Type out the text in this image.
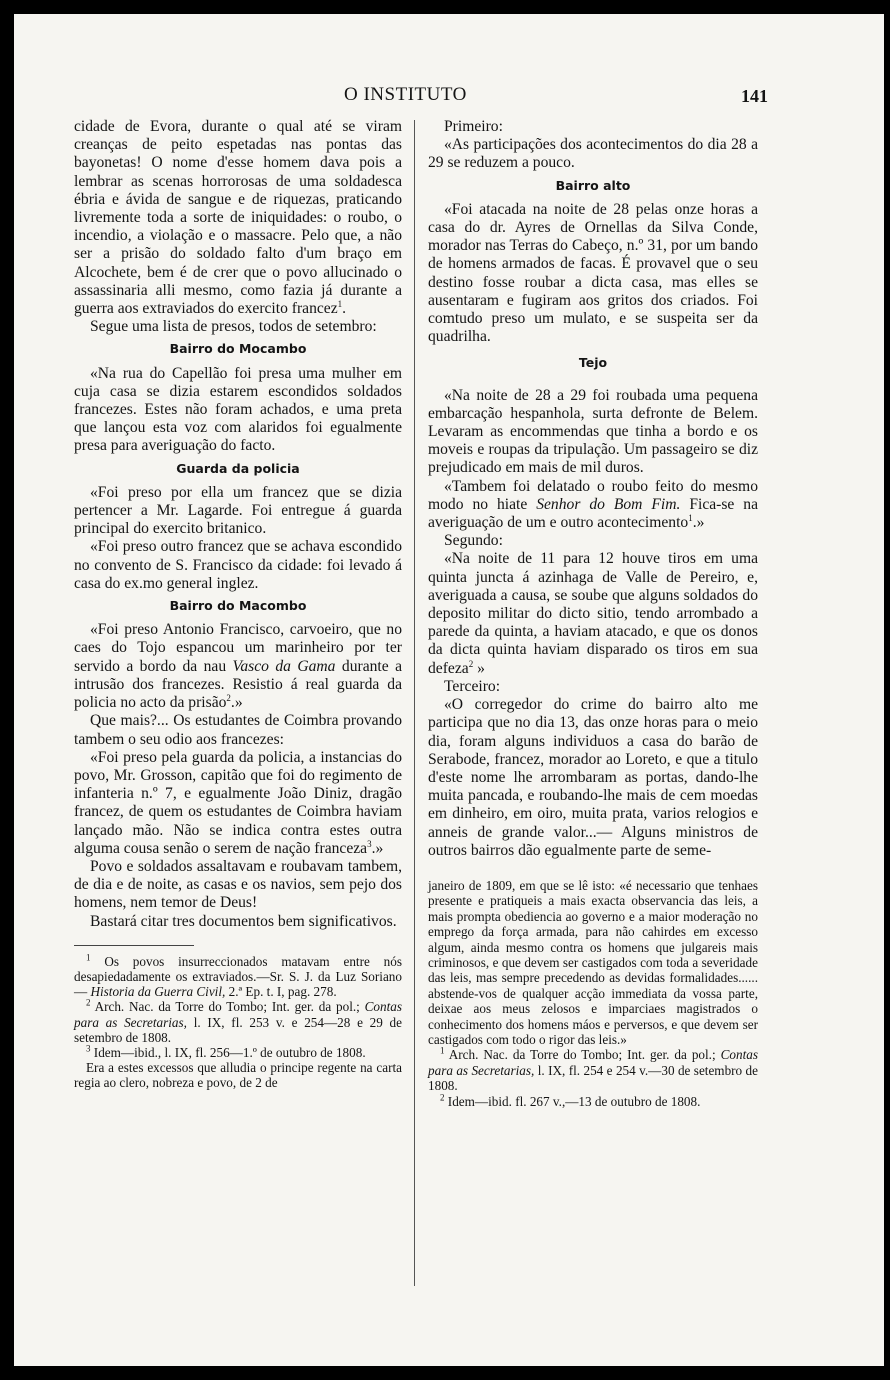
O INSTITUTO	141

cidade de Evora, durante o qual até se viram creanças de peito espetadas nas pontas das bayonetas! O nome d'esse homem dava pois a lembrar as scenas horrorosas de uma soldadesca ébria e ávida de sangue e de riquezas, praticando livremente toda a sorte de iniquidades: o roubo, o incendio, a violação e o massacre. Pelo que, a não ser a prisão do soldado falto d'um braço em Alcochete, bem é de crer que o povo allucinado o assassinaria alli mesmo, como fazia já durante a guerra aos extraviados do exercito francez$^1$.

Segue uma lista de presos, todos de setembro:

Bairro do Mocambo

«Na rua do Capellão foi presa uma mulher em cuja casa se dizia estarem escondidos soldados francezes. Estes não foram achados, e uma preta que lançou esta voz com alaridos foi egualmente presa para averiguação do facto.

Guarda da policia

«Foi preso por ella um francez que se dizia pertencer a Mr. Lagarde. Foi entregue á guarda principal do exercito britanico.

«Foi preso outro francez que se achava escondido no convento de S. Francisco da cidade: foi levado á casa do ex.mo general inglez.

Bairro do Macombo

«Foi preso Antonio Francisco, carvoeiro, que no caes do Tojo espancou um marinheiro por ter servido a bordo da nau Vasco da Gama durante a intrusão dos francezes. Resistio á real guarda da policia no acto da prisão$^2$.»

Que mais?... Os estudantes de Coimbra provando tambem o seu odio aos francezes:

«Foi preso pela guarda da policia, a instancias do povo, Mr. Grosson, capitão que foi do regimento de infanteria n.º 7, e egualmente João Diniz, dragão francez, de quem os estudantes de Coimbra haviam lançado mão. Não se indica contra estes outra alguma cousa senão o serem de nação franceza$^3$.»

Povo e soldados assaltavam e roubavam tambem, de dia e de noite, as casas e os navios, sem pejo dos homens, nem temor de Deus!

Bastará citar tres documentos bem significativos.

$^1$ Os povos insurreccionados matavam entre nós desapiedadamente os extraviados.—Sr. S. J. da Luz Soriano — Historia da Guerra Civil, 2.ª Ep. t. I, pag. 278.

$^2$ Arch. Nac. da Torre do Tombo; Int. ger. da pol.; Contas para as Secretarias, l. IX, fl. 253 v. e 254—28 e 29 de setembro de 1808.

$^3$ Idem—ibid., l. IX, fl. 256—1.º de outubro de 1808.

Era a estes excessos que alludia o principe regente na carta regia ao clero, nobreza e povo, de 2 de

Primeiro:

«As participações dos acontecimentos do dia 28 a 29 se reduzem a pouco.

Bairro alto

«Foi atacada na noite de 28 pelas onze horas a casa do dr. Ayres de Ornellas da Silva Conde, morador nas Terras do Cabeço, n.º 31, por um bando de homens armados de facas. É provavel que o seu destino fosse roubar a dicta casa, mas elles se ausentaram e fugiram aos gritos dos criados. Foi comtudo preso um mulato, e se suspeita ser da quadrilha.

Tejo

«Na noite de 28 a 29 foi roubada uma pequena embarcação hespanhola, surta defronte de Belem. Levaram as encommendas que tinha a bordo e os moveis e roupas da tripulação. Um passageiro se diz prejudicado em mais de mil duros.

«Tambem foi delatado o roubo feito do mesmo modo no hiate Senhor do Bom Fim. Fica-se na averiguação de um e outro acontecimento$^1$.»

Segundo:

«Na noite de 11 para 12 houve tiros em uma quinta juncta á azinhaga de Valle de Pereiro, e, averiguada a causa, se soube que alguns soldados do deposito militar do dicto sitio, tendo arrombado a parede da quinta, a haviam atacado, e que os donos da dicta quinta haviam disparado os tiros em sua defeza$^2$ »

Terceiro:

«O corregedor do crime do bairro alto me participa que no dia 13, das onze horas para o meio dia, foram alguns individuos a casa do barão de Serabode, francez, morador ao Loreto, e que a titulo d'este nome lhe arrombaram as portas, dando-lhe muita pancada, e roubando-lhe mais de cem moedas em dinheiro, em oiro, muita prata, varios relogios e anneis de grande valor...— Alguns ministros de outros bairros dão egualmente parte de seme-

janeiro de 1809, em que se lê isto: «é necessario que tenhaes presente e pratiqueis a mais exacta observancia das leis, a mais prompta obediencia ao governo e a maior moderação no emprego da força armada, para não cahirdes em excesso algum, ainda mesmo contra os homens que julgareis mais criminosos, e que devem ser castigados com toda a severidade das leis, mas sempre precedendo as devidas formalidades...... abstende-vos de qualquer acção immediata da vossa parte, deixae aos meus zelosos e imparciaes magistrados o conhecimento dos homens máos e perversos, e que devem ser castigados com todo o rigor das leis.»

$^1$ Arch. Nac. da Torre do Tombo; Int. ger. da pol.; Contas para as Secretarias, l. IX, fl. 254 e 254 v.—30 de setembro de 1808.

$^2$ Idem—ibid. fl. 267 v.,—13 de outubro de 1808.
